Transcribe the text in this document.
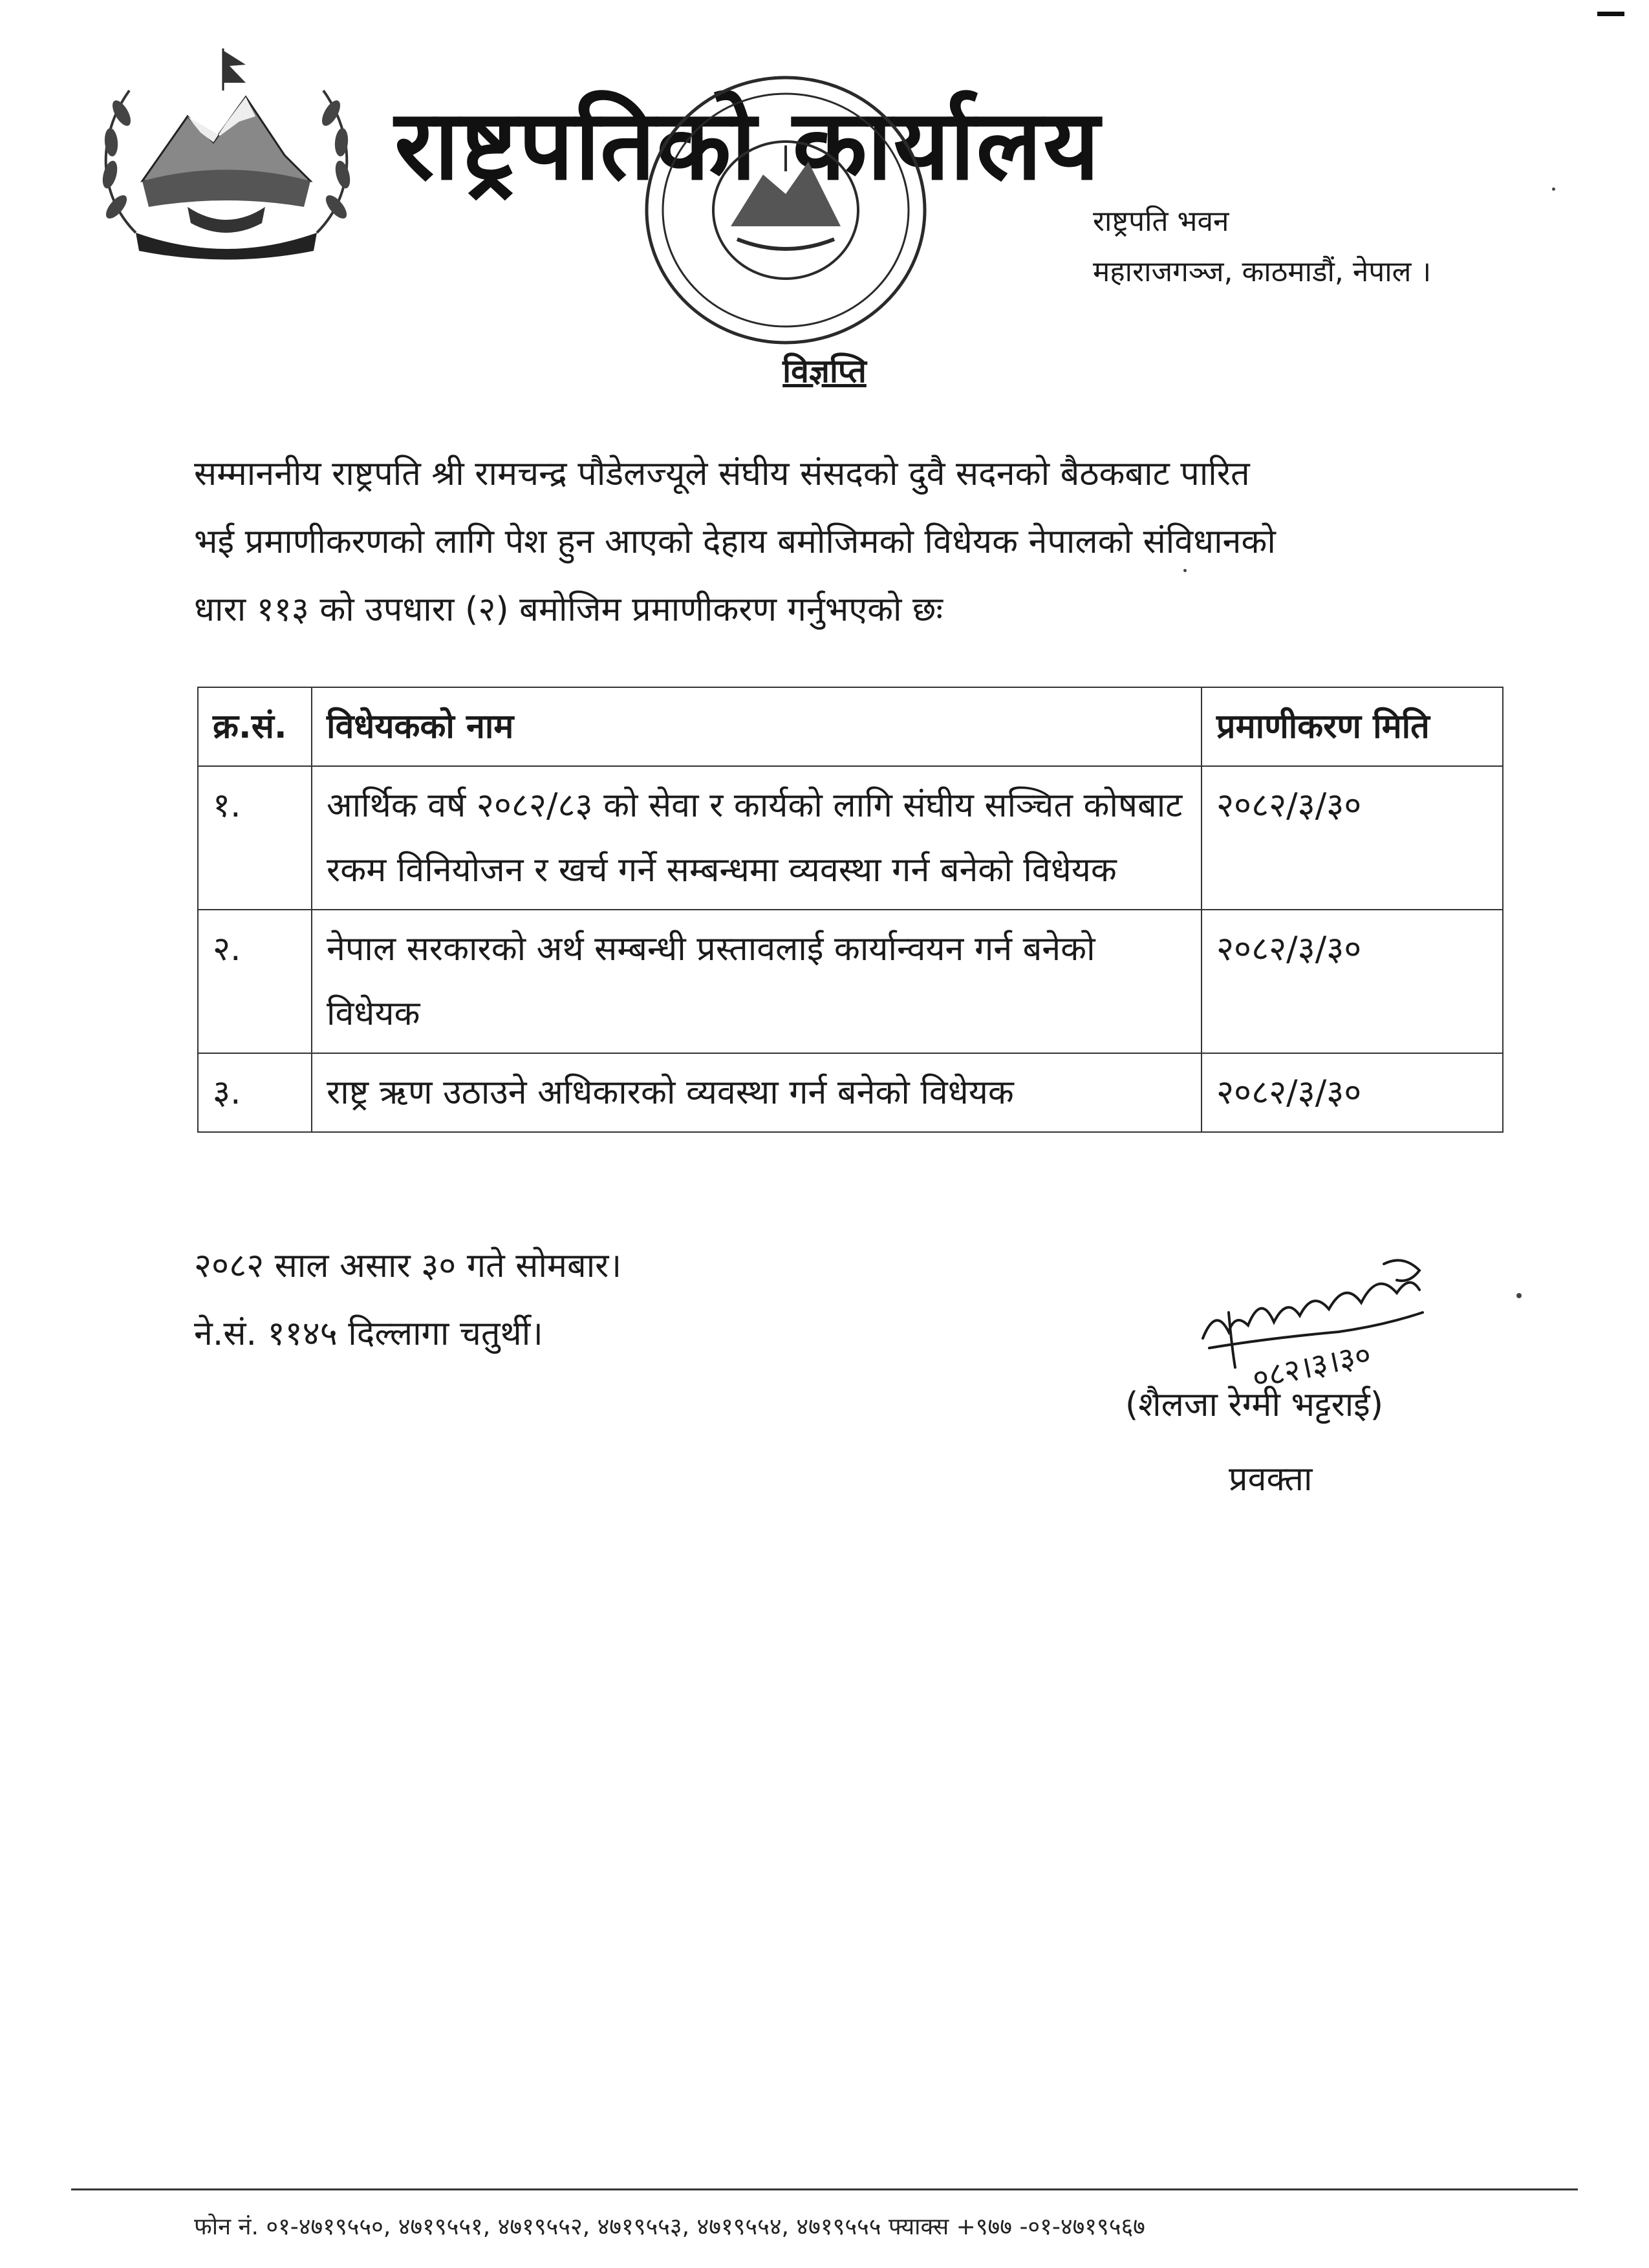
राष्ट्रपतिको कार्यालय
राष्ट्रपति भवन
महाराजगञ्ज, काठमाडौं, नेपाल ।
विज्ञप्ति
सम्माननीय राष्ट्रपति श्री रामचन्द्र पौडेलज्यूले संघीय संसदको दुवै सदनको बैठकबाट पारित
भई प्रमाणीकरणको लागि पेश हुन आएको देहाय बमोजिमको विधेयक नेपालको संविधानको
धारा ११३ को उपधारा (२) बमोजिम प्रमाणीकरण गर्नुभएको छः
क्र.सं.	विधेयकको नाम	प्रमाणीकरण मिति
१.	आर्थिक वर्ष २०८२/८३ को सेवा र कार्यको लागि संघीय सञ्चित कोषबाट रकम विनियोजन र खर्च गर्ने सम्बन्धमा व्यवस्था गर्न बनेको विधेयक	२०८२/३/३०
२.	नेपाल सरकारको अर्थ सम्बन्धी प्रस्तावलाई कार्यान्वयन गर्न बनेको विधेयक	२०८२/३/३०
३.	राष्ट्र ऋण उठाउने अधिकारको व्यवस्था गर्न बनेको विधेयक	२०८२/३/३०
२०८२ साल असार ३० गते सोमबार।
ने.सं. ११४५ दिल्लागा चतुर्थी।
०८२।३।३०
(शैलजा रेग्मी भट्टराई)
प्रवक्ता
फोन नं. ०१-४७१९५५०, ४७१९५५१, ४७१९५५२, ४७१९५५३, ४७१९५५४, ४७१९५५५ फ्याक्स +९७७ -०१-४७१९५६७
